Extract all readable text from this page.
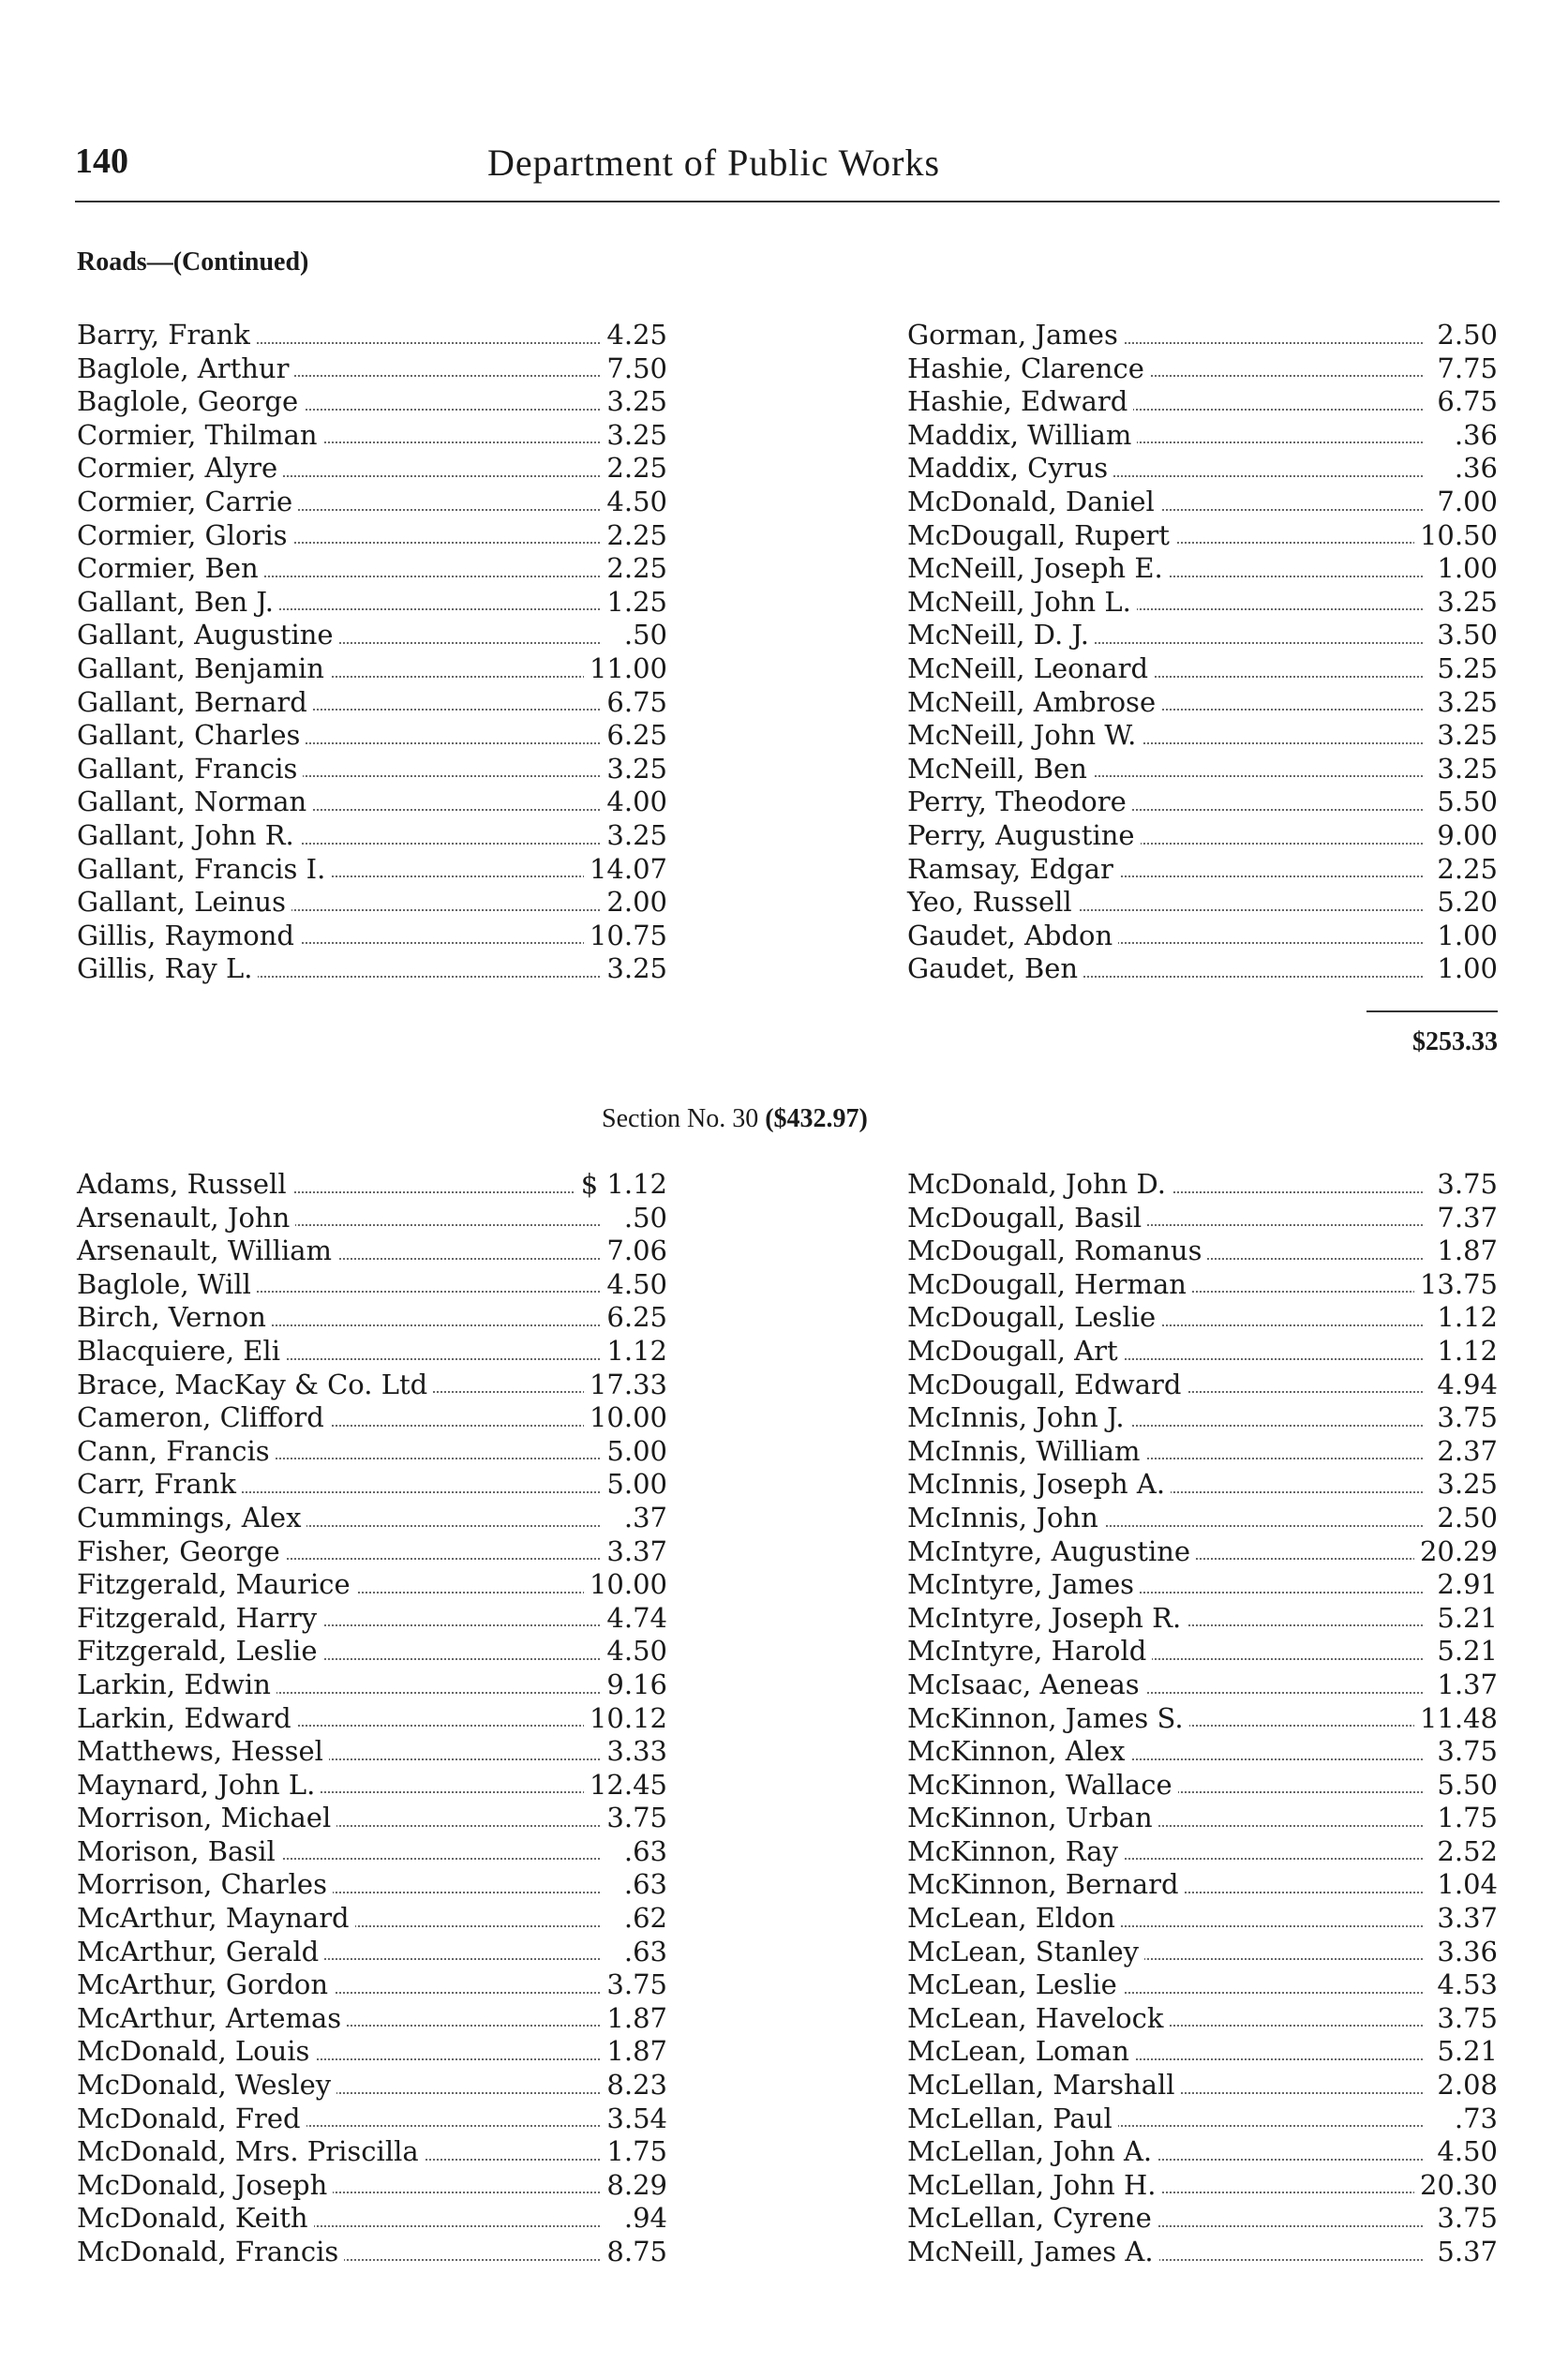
140	Department of Public Works
Roads—(Continued)
Barry, Frank	4.25
Baglole, Arthur	7.50
Baglole, George	3.25
Cormier, Thilman	3.25
Cormier, Alyre	2.25
Cormier, Carrie	4.50
Cormier, Gloris	2.25
Cormier, Ben	2.25
Gallant, Ben J.	1.25
Gallant, Augustine	.50
Gallant, Benjamin	11.00
Gallant, Bernard	6.75
Gallant, Charles	6.25
Gallant, Francis	3.25
Gallant, Norman	4.00
Gallant, John R.	3.25
Gallant, Francis I.	14.07
Gallant, Leinus	2.00
Gillis, Raymond	10.75
Gillis, Ray L.	3.25
Gorman, James	2.50
Hashie, Clarence	7.75
Hashie, Edward	6.75
Maddix, William	.36
Maddix, Cyrus	.36
McDonald, Daniel	7.00
McDougall, Rupert	10.50
McNeill, Joseph E.	1.00
McNeill, John L.	3.25
McNeill, D. J.	3.50
McNeill, Leonard	5.25
McNeill, Ambrose	3.25
McNeill, John W.	3.25
McNeill, Ben	3.25
Perry, Theodore	5.50
Perry, Augustine	9.00
Ramsay, Edgar	2.25
Yeo, Russell	5.20
Gaudet, Abdon	1.00
Gaudet, Ben	1.00
$253.33
Section No. 30 ($432.97)
Adams, Russell	$ 1.12
Arsenault, John	.50
Arsenault, William	7.06
Baglole, Will	4.50
Birch, Vernon	6.25
Blacquiere, Eli	1.12
Brace, MacKay & Co. Ltd	17.33
Cameron, Clifford	10.00
Cann, Francis	5.00
Carr, Frank	5.00
Cummings, Alex	.37
Fisher, George	3.37
Fitzgerald, Maurice	10.00
Fitzgerald, Harry	4.74
Fitzgerald, Leslie	4.50
Larkin, Edwin	9.16
Larkin, Edward	10.12
Matthews, Hessel	3.33
Maynard, John L.	12.45
Morrison, Michael	3.75
Morison, Basil	.63
Morrison, Charles	.63
McArthur, Maynard	.62
McArthur, Gerald	.63
McArthur, Gordon	3.75
McArthur, Artemas	1.87
McDonald, Louis	1.87
McDonald, Wesley	8.23
McDonald, Fred	3.54
McDonald, Mrs. Priscilla	1.75
McDonald, Joseph	8.29
McDonald, Keith	.94
McDonald, Francis	8.75
McDonald, John D.	3.75
McDougall, Basil	7.37
McDougall, Romanus	1.87
McDougall, Herman	13.75
McDougall, Leslie	1.12
McDougall, Art	1.12
McDougall, Edward	4.94
McInnis, John J.	3.75
McInnis, William	2.37
McInnis, Joseph A.	3.25
McInnis, John	2.50
McIntyre, Augustine	20.29
McIntyre, James	2.91
McIntyre, Joseph R.	5.21
McIntyre, Harold	5.21
McIsaac, Aeneas	1.37
McKinnon, James S.	11.48
McKinnon, Alex	3.75
McKinnon, Wallace	5.50
McKinnon, Urban	1.75
McKinnon, Ray	2.52
McKinnon, Bernard	1.04
McLean, Eldon	3.37
McLean, Stanley	3.36
McLean, Leslie	4.53
McLean, Havelock	3.75
McLean, Loman	5.21
McLellan, Marshall	2.08
McLellan, Paul	.73
McLellan, John A.	4.50
McLellan, John H.	20.30
McLellan, Cyrene	3.75
McNeill, James A.	5.37
